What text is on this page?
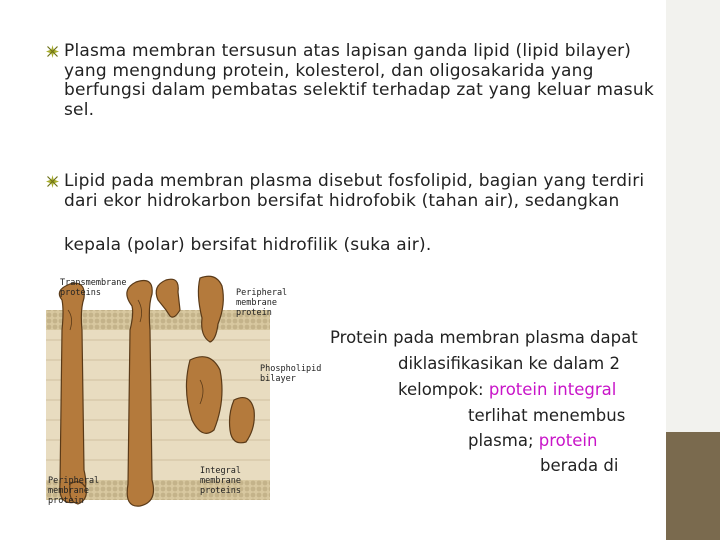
Plasma membran tersusun atas lapisan ganda lipid (lipid bilayer) yang mengndung protein, kolesterol, dan oligosakarida yang berfungsi dalam pembatas selektif terhadap zat yang keluar masuk sel.
Lipid pada membran plasma disebut fosfolipid, bagian yang terdiri dari ekor hidrokarbon bersifat hidrofobik (tahan air), sedangkan
kepala (polar) bersifat hidrofilik (suka air).
Transmembrane proteins	Peripheral membrane protein
Phospholipid bilayer
Integral membrane proteins
Peripheral membrane protein
Protein pada membran plasma dapat
diklasifikasikan ke dalam 2
kelompok: protein integral
terlihat menembus
plasma; protein
berada di
